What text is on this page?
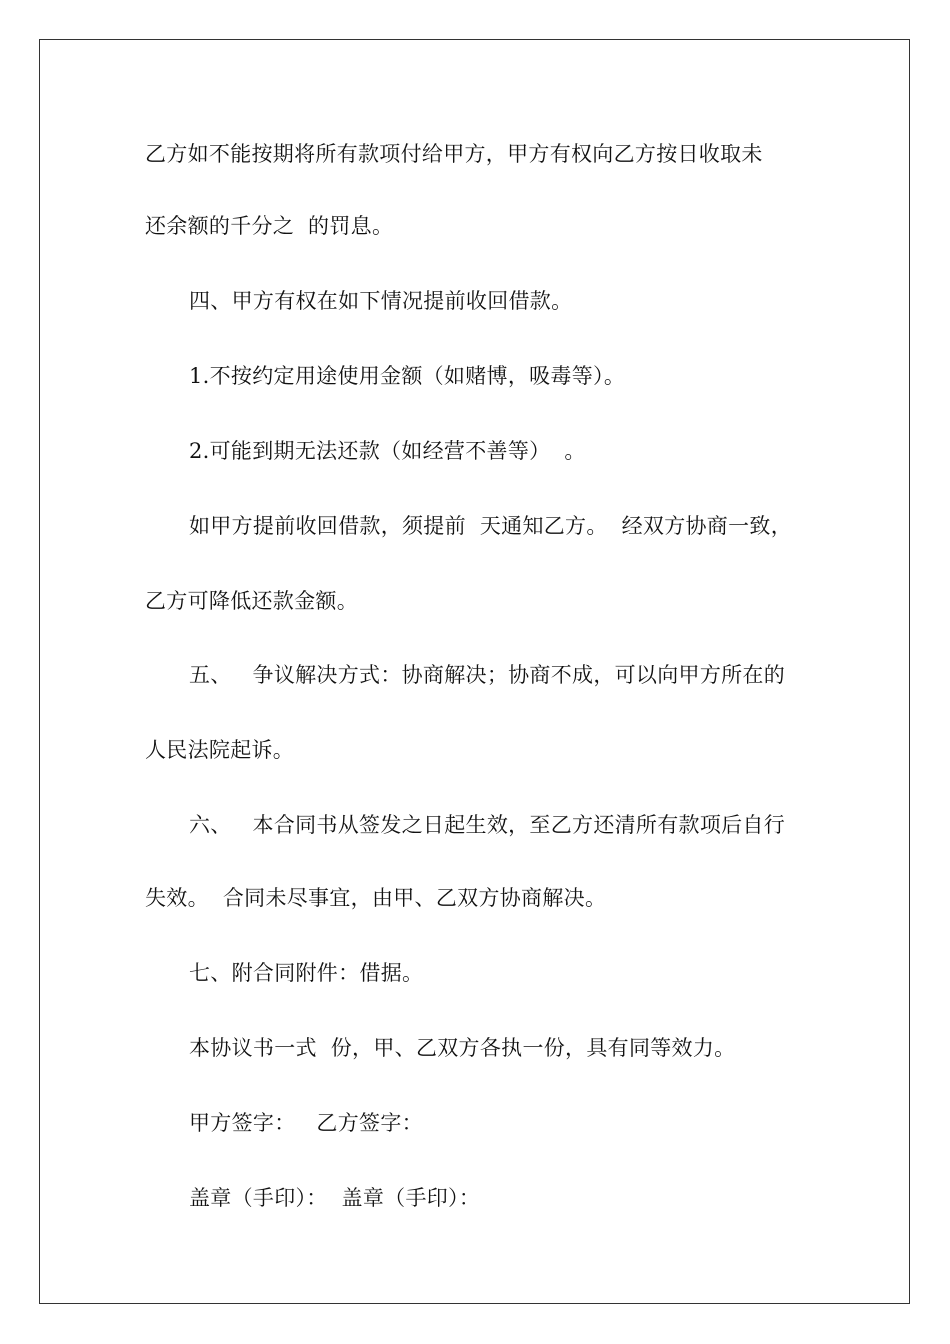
乙方如不能按期将所有款项付给甲方，甲方有权向乙方按日收取未
还余额的千分之  的罚息。
四、甲方有权在如下情况提前收回借款。
1.不按约定用途使用金额（如赌博，吸毒等）。
2.可能到期无法还款（如经营不善等）  。
如甲方提前收回借款，须提前  天通知乙方。  经双方协商一致，
乙方可降低还款金额。
五、   争议解决方式：协商解决；协商不成，可以向甲方所在的
人民法院起诉。
六、   本合同书从签发之日起生效，至乙方还清所有款项后自行
失效。  合同未尽事宜，由甲、乙双方协商解决。
七、附合同附件：借据。
本协议书一式  份，甲、乙双方各执一份，具有同等效力。
甲方签字：   乙方签字：
盖章（手印）：  盖章（手印）：
